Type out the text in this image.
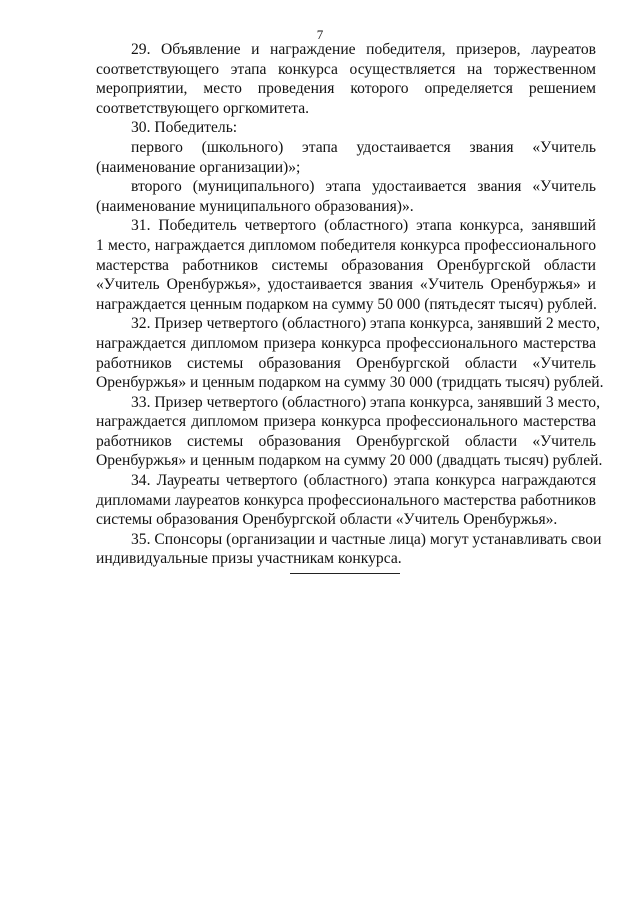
7
29. Объявление и награждение победителя, призеров, лауреатов
соответствующего этапа конкурса осуществляется на торжественном
мероприятии, место проведения которого определяется решением
соответствующего оргкомитета.
30. Победитель:
первого (школьного) этапа удостаивается звания «Учитель
(наименование организации)»;
второго (муниципального) этапа удостаивается звания «Учитель
(наименование муниципального образования)».
31. Победитель четвертого (областного) этапа конкурса, занявший
1 место, награждается дипломом победителя конкурса профессионального
мастерства работников системы образования Оренбургской области
«Учитель Оренбуржья», удостаивается звания «Учитель Оренбуржья» и
награждается ценным подарком на сумму 50 000 (пятьдесят тысяч) рублей.
32. Призер четвертого (областного) этапа конкурса, занявший 2 место,
награждается дипломом призера конкурса профессионального мастерства
работников системы образования Оренбургской области «Учитель
Оренбуржья» и ценным подарком на сумму 30 000 (тридцать тысяч) рублей.
33. Призер четвертого (областного) этапа конкурса, занявший 3 место,
награждается дипломом призера конкурса профессионального мастерства
работников системы образования Оренбургской области «Учитель
Оренбуржья» и ценным подарком на сумму 20 000 (двадцать тысяч) рублей.
34. Лауреаты четвертого (областного) этапа конкурса награждаются
дипломами лауреатов конкурса профессионального мастерства работников
системы образования Оренбургской области «Учитель Оренбуржья».
35. Спонсоры (организации и частные лица) могут устанавливать свои
индивидуальные призы участникам конкурса.
